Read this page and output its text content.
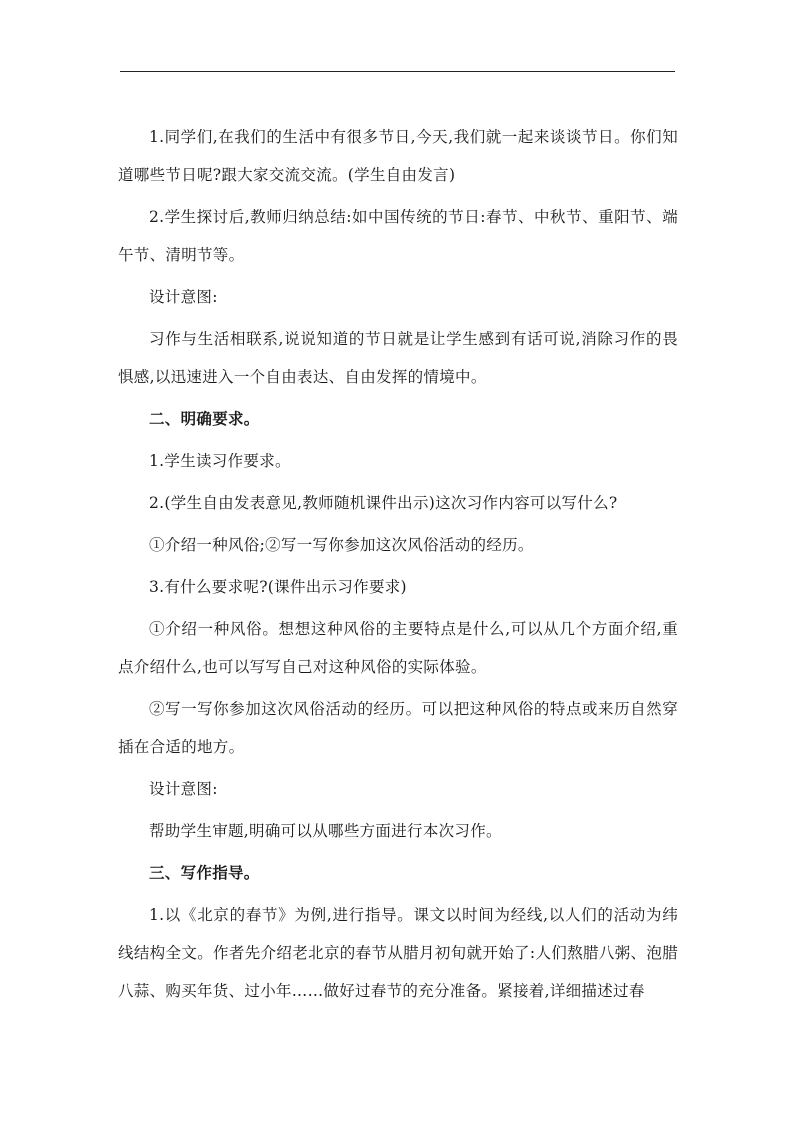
1.同学们,在我们的生活中有很多节日,今天,我们就一起来谈谈节日。你们知道哪些节日呢?跟大家交流交流。(学生自由发言)

2.学生探讨后,教师归纳总结:如中国传统的节日:春节、中秋节、重阳节、端午节、清明节等。

设计意图:

习作与生活相联系,说说知道的节日就是让学生感到有话可说,消除习作的畏惧感,以迅速进入一个自由表达、自由发挥的情境中。

二、明确要求。

1.学生读习作要求。

2.(学生自由发表意见,教师随机课件出示)这次习作内容可以写什么?

①介绍一种风俗;②写一写你参加这次风俗活动的经历。

3.有什么要求呢?(课件出示习作要求)

①介绍一种风俗。想想这种风俗的主要特点是什么,可以从几个方面介绍,重点介绍什么,也可以写写自己对这种风俗的实际体验。

②写一写你参加这次风俗活动的经历。可以把这种风俗的特点或来历自然穿插在合适的地方。

设计意图:

帮助学生审题,明确可以从哪些方面进行本次习作。

三、写作指导。

1.以《北京的春节》为例,进行指导。课文以时间为经线,以人们的活动为纬线结构全文。作者先介绍老北京的春节从腊月初旬就开始了:人们熬腊八粥、泡腊八蒜、购买年货、过小年……做好过春节的充分准备。紧接着,详细描述过春
